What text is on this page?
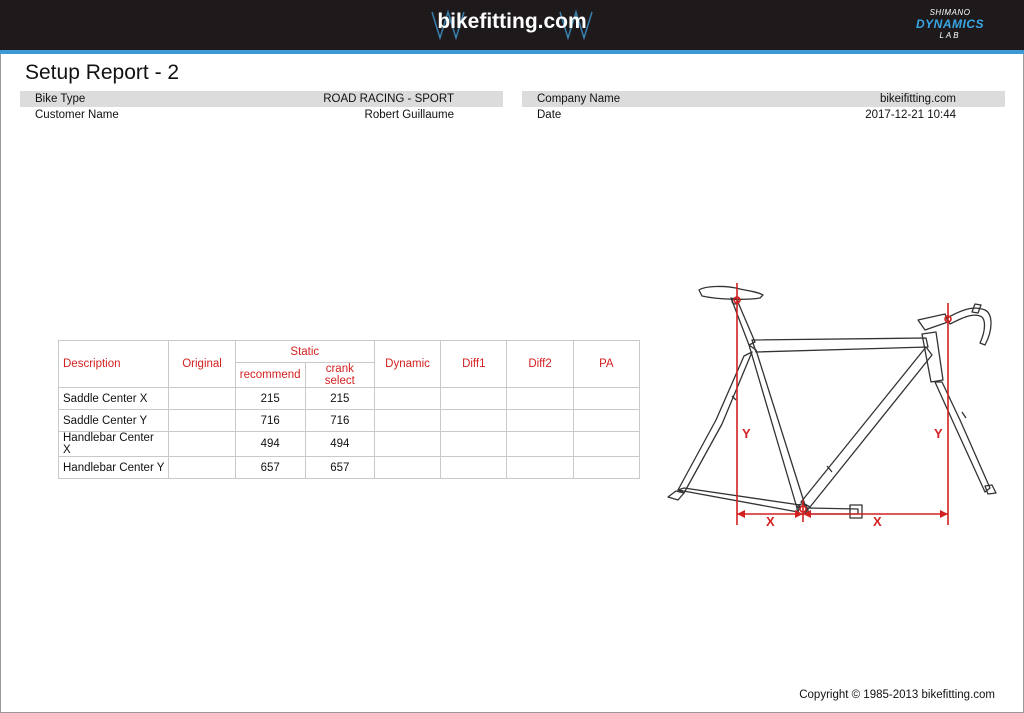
bikefitting.com	SHIMANO
DYNAMICS
LAB
Setup Report - 2
Bike Type	ROAD RACING - SPORT
Customer Name	Robert Guillaume
Company Name	bikeifitting.com
Date	2017-12-21 10:44
Description	Original	Static		Dynamic	Diff1	Diff2	PA
		recommend	crank select				
Saddle Center X		215	215				
Saddle Center Y		716	716				
Handlebar Center X		494	494				
Handlebar Center Y		657	657				
Y	Y
X	X
Copyright © 1985-2013 bikefitting.com
